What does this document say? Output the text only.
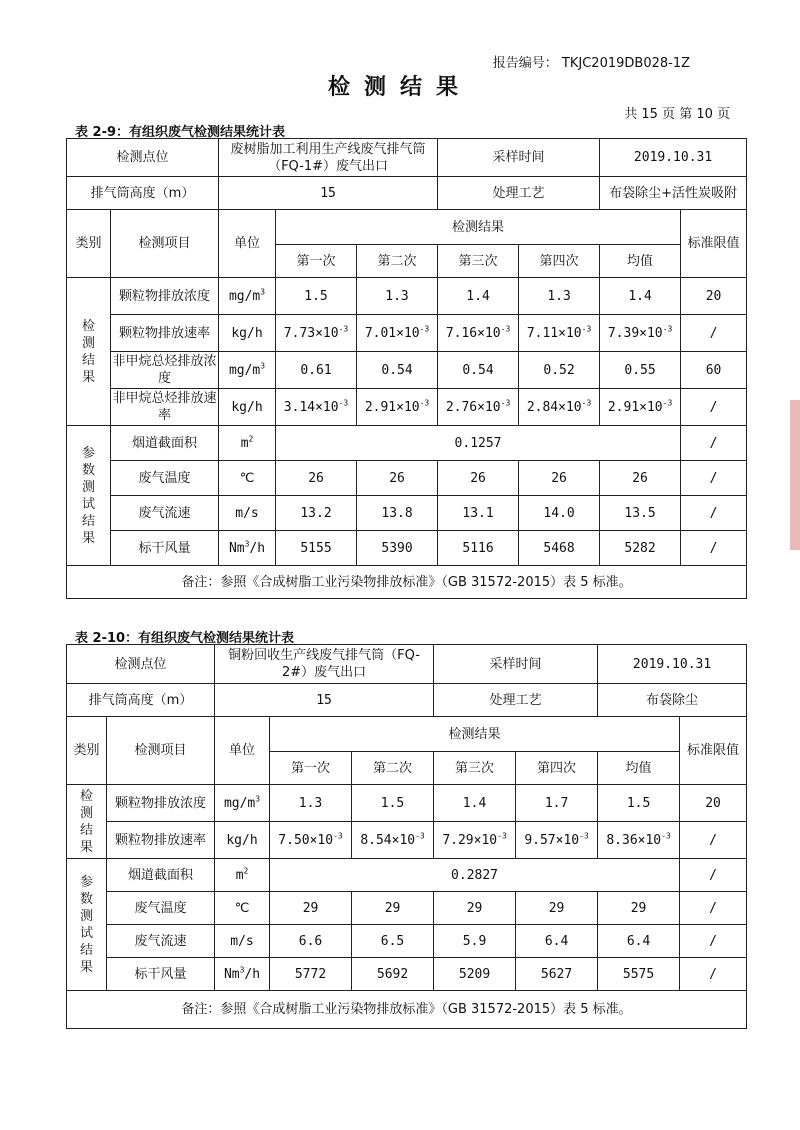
报告编号： TKJC2019DB028-1Z
检测结果
共 15 页 第 10 页
表 2-9：有组织废气检测结果统计表
检测点位		废树脂加工利用生产线废气排气筒（FQ-1#）废气出口			采样时间		2019.10.31	
排气筒高度（m）		15			处理工艺		布袋除尘+活性炭吸附	
类别	检测项目	单位	检测结果					标准限值
			第一次	第二次	第三次	第四次	均值	
检测结果	颗粒物排放浓度	$mg/m^3$	1.5	1.3	1.4	1.3	1.4	20
	颗粒物排放速率	kg/h	$7.73\times 10^{-3}$	$7.01\times 10^{-3}$	$7.16\times 10^{-3}$	$7.11\times 10^{-3}$	$7.39\times 10^{-3}$	/
	非甲烷总烃排放浓度	$mg/m^3$	0.61	0.54	0.54	0.52	0.55	60
	非甲烷总烃排放速率	kg/h	$3.14\times 10^{-3}$	$2.91\times 10^{-3}$	$2.76\times 10^{-3}$	$2.84\times 10^{-3}$	$2.91\times 10^{-3}$	/
参数测试结果	烟道截面积	$m^2$	0.1257					/
	废气温度	℃	26	26	26	26	26	/
	废气流速	m/s	13.2	13.8	13.1	14.0	13.5	/
	标干风量	Nm$^3$/h	5155	5390	5116	5468	5282	/
备注：参照《合成树脂工业污染物排放标准》（GB 31572-2015）表 5 标准。								
表 2-10：有组织废气检测结果统计表
检测点位		铜粉回收生产线废气排气筒（FQ-2#）废气出口			采样时间		2019.10.31	
排气筒高度（m）		15			处理工艺		布袋除尘	
类别	检测项目	单位	检测结果					标准限值
			第一次	第二次	第三次	第四次	均值	
检测结果	颗粒物排放浓度	$mg/m^3$	1.3	1.5	1.4	1.7	1.5	20
	颗粒物排放速率	kg/h	$7.50\times 10^{-3}$	$8.54\times 10^{-3}$	$7.29\times 10^{-3}$	$9.57\times 10^{-3}$	$8.36\times 10^{-3}$	/
参数测试结果	烟道截面积	$m^2$	0.2827					/
	废气温度	℃	29	29	29	29	29	/
	废气流速	m/s	6.6	6.5	5.9	6.4	6.4	/
	标干风量	Nm$^3$/h	5772	5692	5209	5627	5575	/
备注：参照《合成树脂工业污染物排放标准》（GB 31572-2015）表 5 标准。								
